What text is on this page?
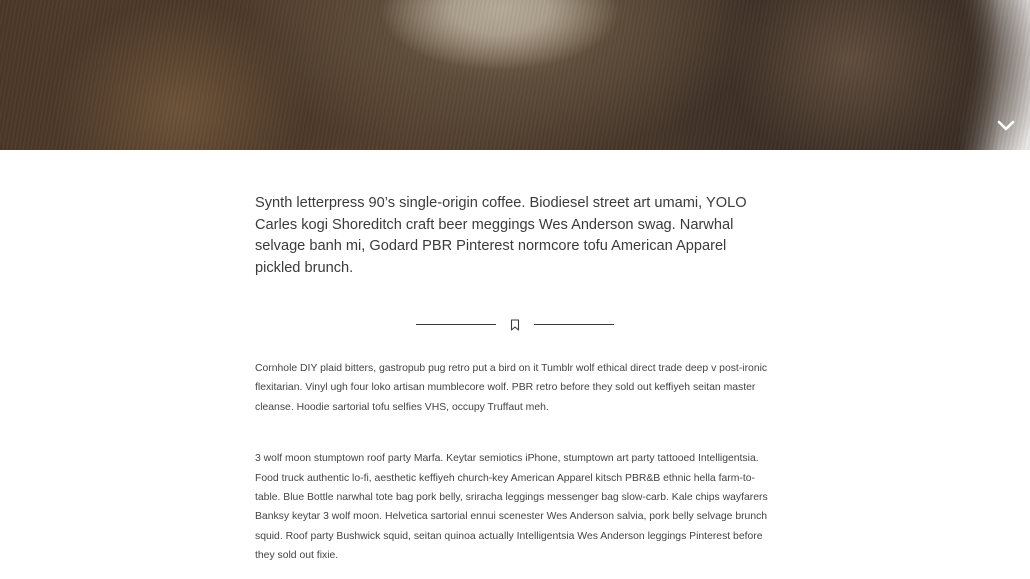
Synth letterpress 90’s single-origin coffee. Biodiesel street art umami, YOLO Carles kogi Shoreditch craft beer meggings Wes Anderson swag. Narwhal selvage banh mi, Godard PBR Pinterest normcore tofu American Apparel pickled brunch.

Cornhole DIY plaid bitters, gastropub pug retro put a bird on it Tumblr wolf ethical direct trade deep v post-ironic flexitarian. Vinyl ugh four loko artisan mumblecore wolf. PBR retro before they sold out keffiyeh seitan master cleanse. Hoodie sartorial tofu selfies VHS, occupy Truffaut meh.

3 wolf moon stumptown roof party Marfa. Keytar semiotics iPhone, stumptown art party tattooed Intelligentsia. Food truck authentic lo-fi, aesthetic keffiyeh church-key American Apparel kitsch PBR&B ethnic hella farm-to-table. Blue Bottle narwhal tote bag pork belly, sriracha leggings messenger bag slow-carb. Kale chips wayfarers Banksy keytar 3 wolf moon. Helvetica sartorial ennui scenester Wes Anderson salvia, pork belly selvage brunch squid. Roof party Bushwick squid, seitan quinoa actually Intelligentsia Wes Anderson leggings Pinterest before they sold out fixie.
